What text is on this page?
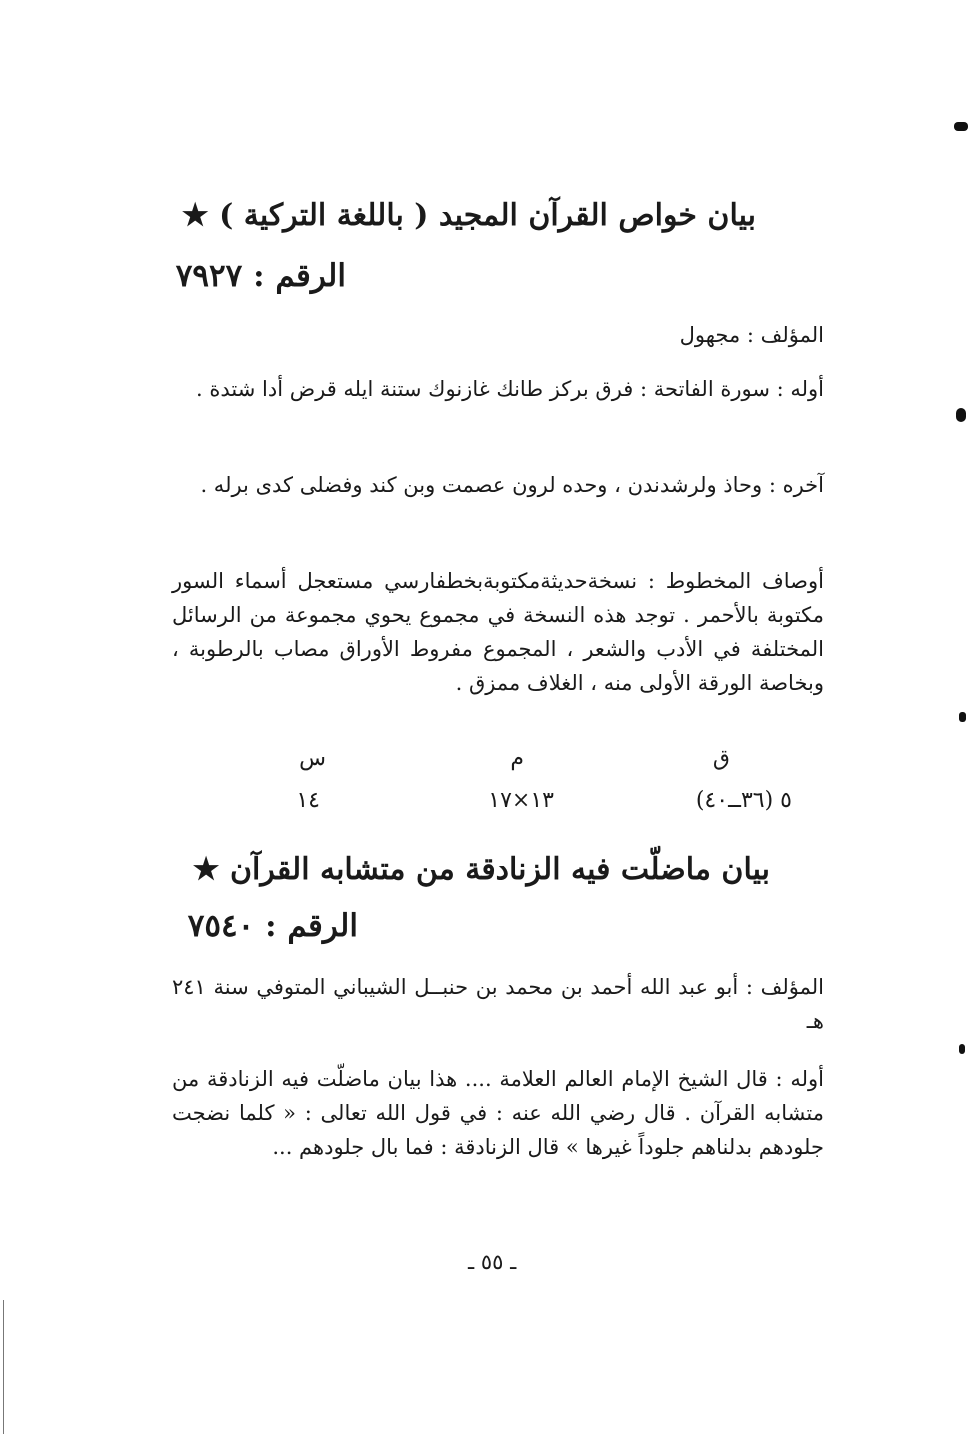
بيان خواص القرآن المجيد ( باللغة التركية ) ★
الرقم : ٧٩٢٧

المؤلف : مجهول

أوله : سورة الفاتحة : فرق بركز طانك غازنوك ستنة ايله قرض أدا شتدة .

آخره : وحاذ ولرشدندن ، وحده لرون عصمت وبن كند وفضلى كدى برله .

أوصاف المخطوط : نسخةحديثةمكتوبةبخطفارسي مستعجل أسماء السور مكتوبة بالأحمر . توجد هذه النسخة في مجموع يحوي مجموعة من الرسائل المختلفة في الأدب والشعر ، المجموع مفروط الأوراق مصاب بالرطوبة ، وبخاصة الورقة الأولى منه ، الغلاف ممزق .

ق
م
س
٥ (٣٦ــ٤٠)
١٣×١٧
١٤
بيان ماضلّت فيه الزنادقة من متشابه القرآن ★
الرقم : ٧٥٤٠

المؤلف : أبو عبد الله أحمد بن محمد بن حنبــل الشيباني المتوفي سنة ٢٤١ هـ

أوله : قال الشيخ الإمام العالم العلامة .... هذا بيان ماضلّت فيه الزنادقة من متشابه القرآن . قال رضي الله عنه : في قول الله تعالى : « كلما نضجت جلودهم بدلناهم جلوداً غيرها » قال الزنادقة : فما بال جلودهم ...

ـ ٥٥ ـ
